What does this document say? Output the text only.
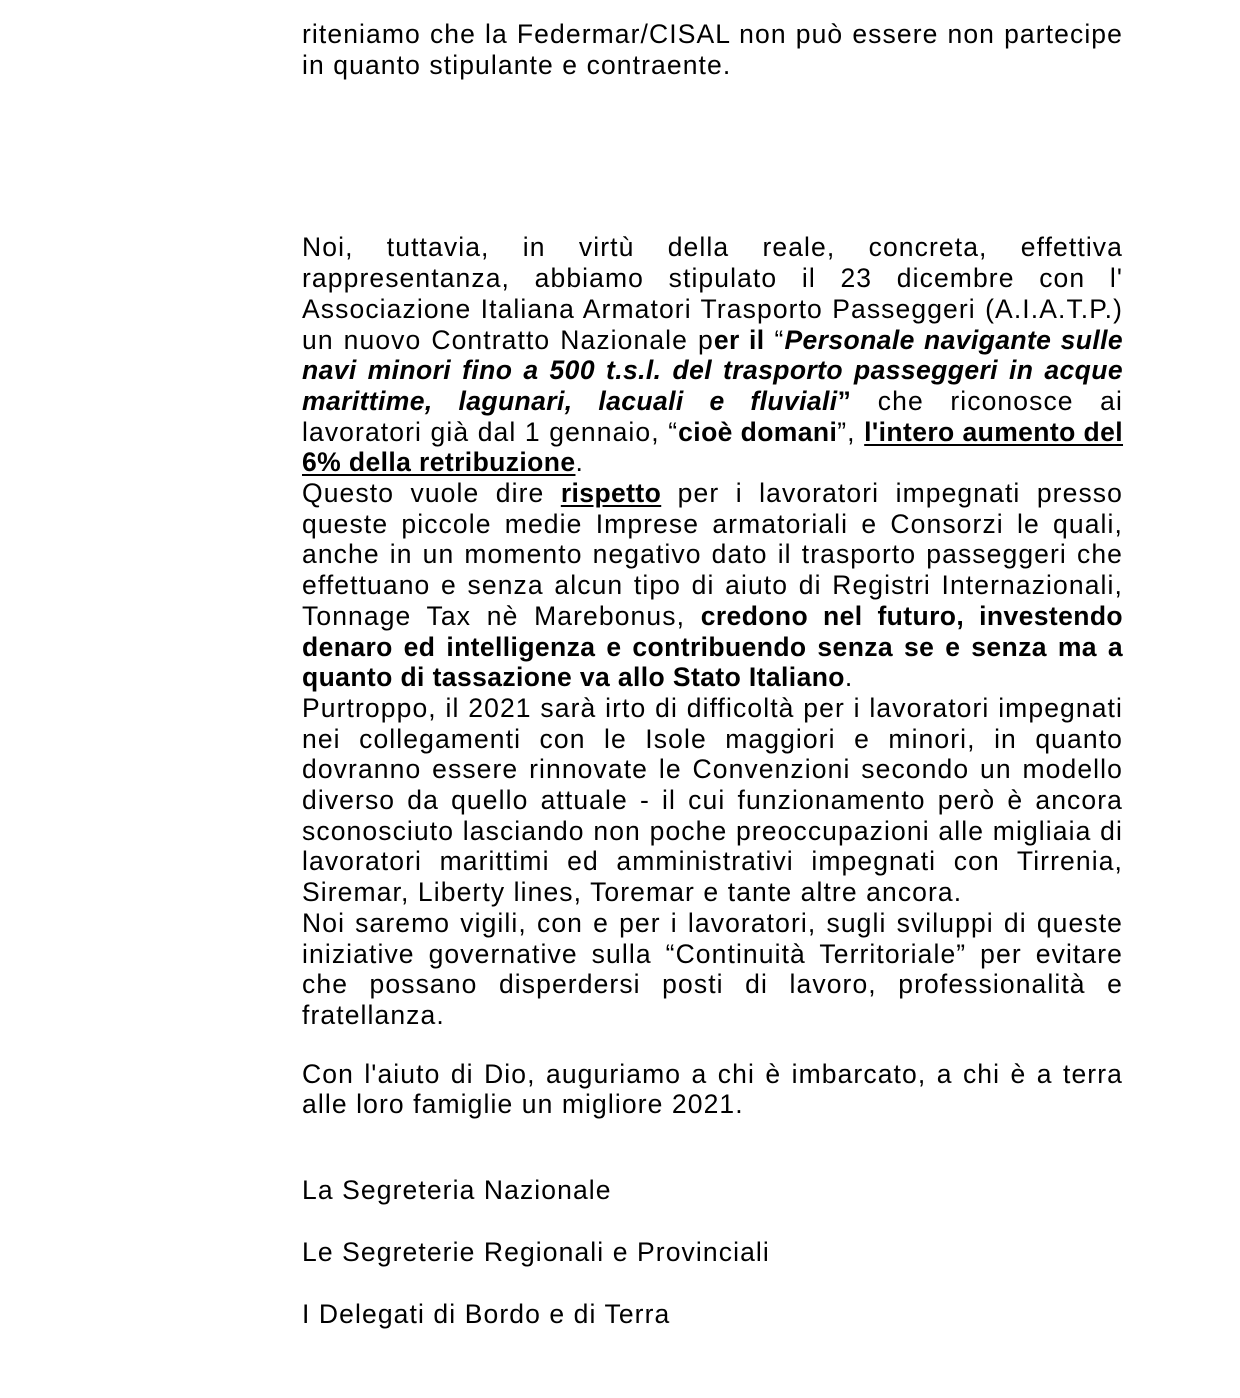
riteniamo che la Federmar/CISAL non può essere non partecipe in quanto stipulante e contraente.

Noi, tuttavia, in virtù della reale, concreta, effettiva rappresentanza, abbiamo stipulato il 23 dicembre con l' Associazione Italiana Armatori Trasporto Passeggeri (A.I.A.T.P.) un nuovo Contratto Nazionale per il “Personale navigante sulle navi minori fino a 500 t.s.l. del trasporto passeggeri in acque marittime, lagunari, lacuali e fluviali” che riconosce ai lavoratori già dal 1 gennaio, “cioè domani”, l'intero aumento del 6% della retribuzione.

Questo vuole dire rispetto per i lavoratori impegnati presso queste piccole medie Imprese armatoriali e Consorzi le quali, anche in un momento negativo dato il trasporto passeggeri che effettuano e senza alcun tipo di aiuto di Registri Internazionali, Tonnage Tax nè Marebonus, credono nel futuro, investendo denaro ed intelligenza e contribuendo senza se e senza ma a quanto di tassazione va allo Stato Italiano.

Purtroppo, il 2021 sarà irto di difficoltà per i lavoratori impegnati nei collegamenti con le Isole maggiori e minori, in quanto dovranno essere rinnovate le Convenzioni secondo un modello diverso da quello attuale - il cui funzionamento però è ancora sconosciuto lasciando non poche preoccupazioni alle migliaia di lavoratori marittimi ed amministrativi impegnati con Tirrenia, Siremar, Liberty lines, Toremar e tante altre ancora.

Noi saremo vigili, con e per i lavoratori, sugli sviluppi di queste iniziative governative sulla “Continuità Territoriale” per evitare che possano disperdersi posti di lavoro, professionalità e fratellanza.

Con l'aiuto di Dio, auguriamo a chi è imbarcato, a chi è a terra alle loro famiglie un migliore 2021.

La Segreteria Nazionale

Le Segreterie Regionali e Provinciali

I Delegati di Bordo e di Terra
